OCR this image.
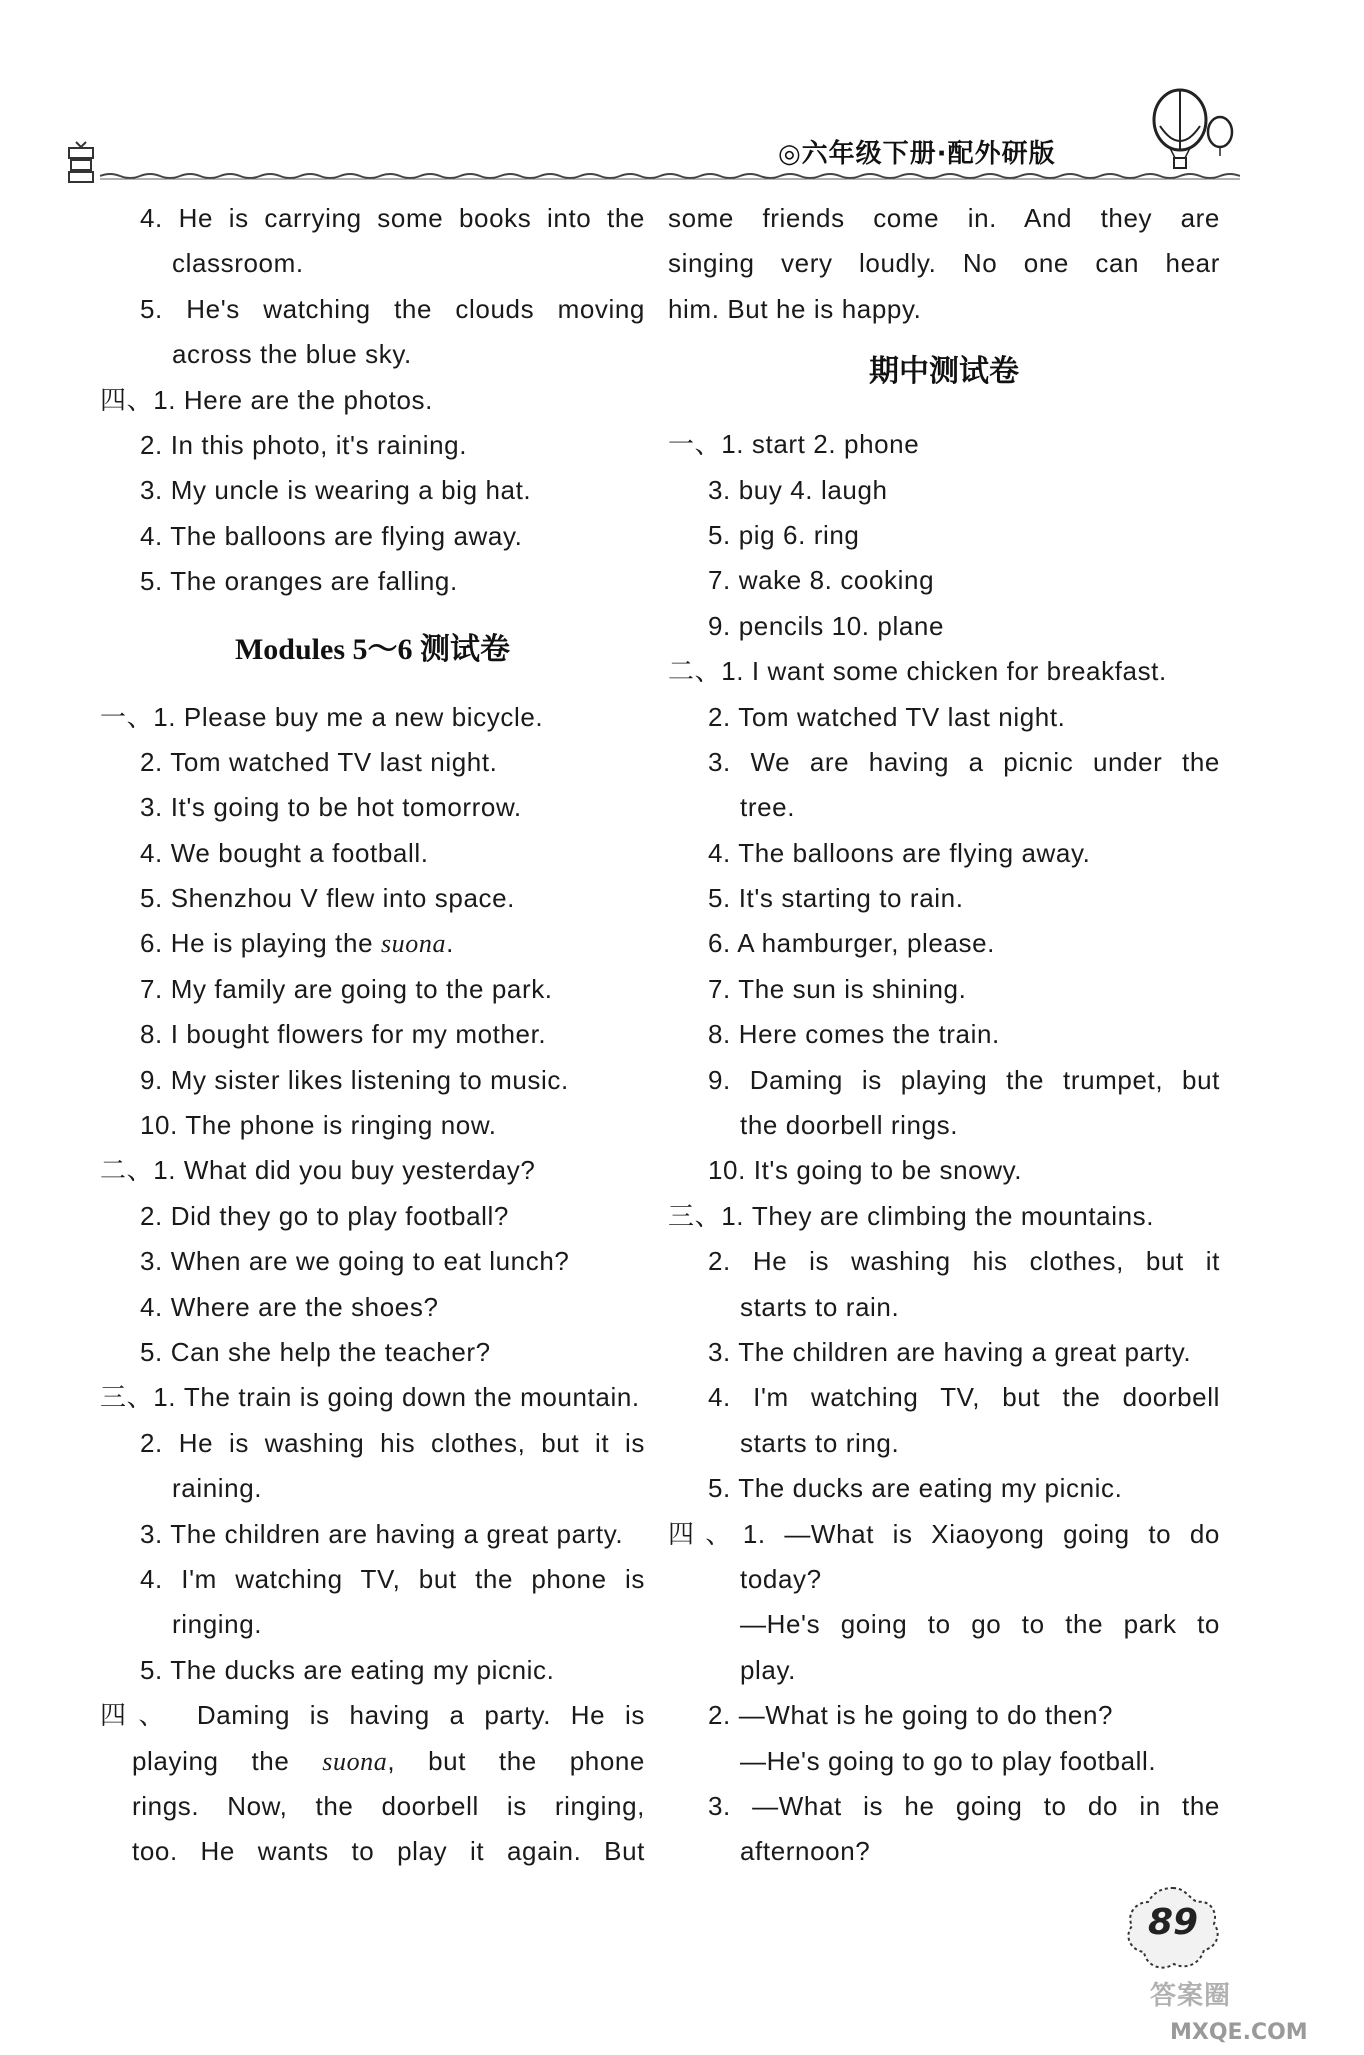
◎六年级下册·配外研版
4. He is carrying some books into the
classroom.
5. He's watching the clouds moving
across the blue sky.
四、1. Here are the photos.
2. In this photo, it's raining.
3. My uncle is wearing a big hat.
4. The balloons are flying away.
5. The oranges are falling.
Modules 5～6 测试卷
一、1. Please buy me a new bicycle.
2. Tom watched TV last night.
3. It's going to be hot tomorrow.
4. We bought a football.
5. Shenzhou V flew into space.
6. He is playing the suona.
7. My family are going to the park.
8. I bought flowers for my mother.
9. My sister likes listening to music.
10. The phone is ringing now.
二、1. What did you buy yesterday?
2. Did they go to play football?
3. When are we going to eat lunch?
4. Where are the shoes?
5. Can she help the teacher?
三、1. The train is going down the mountain.
2. He is washing his clothes, but it is
raining.
3. The children are having a great party.
4. I'm watching TV, but the phone is
ringing.
5. The ducks are eating my picnic.
四、 Daming is having a party. He is
playing the suona, but the phone
rings. Now, the doorbell is ringing,
too. He wants to play it again. But
some friends come in. And they are
singing very loudly. No one can hear
him. But he is happy.
期中测试卷
一、1. start 2. phone
3. buy 4. laugh
5. pig 6. ring
7. wake 8. cooking
9. pencils 10. plane
二、1. I want some chicken for breakfast.
2. Tom watched TV last night.
3. We are having a picnic under the
tree.
4. The balloons are flying away.
5. It's starting to rain.
6. A hamburger, please.
7. The sun is shining.
8. Here comes the train.
9. Daming is playing the trumpet, but
the doorbell rings.
10. It's going to be snowy.
三、1. They are climbing the mountains.
2. He is washing his clothes, but it
starts to rain.
3. The children are having a great party.
4. I'm watching TV, but the doorbell
starts to ring.
5. The ducks are eating my picnic.
四、1. —What is Xiaoyong going to do
today?
—He's going to go to the park to
play.
2. —What is he going to do then?
—He's going to go to play football.
3. —What is he going to do in the
afternoon?
89
答案圈
MXQE.COM
